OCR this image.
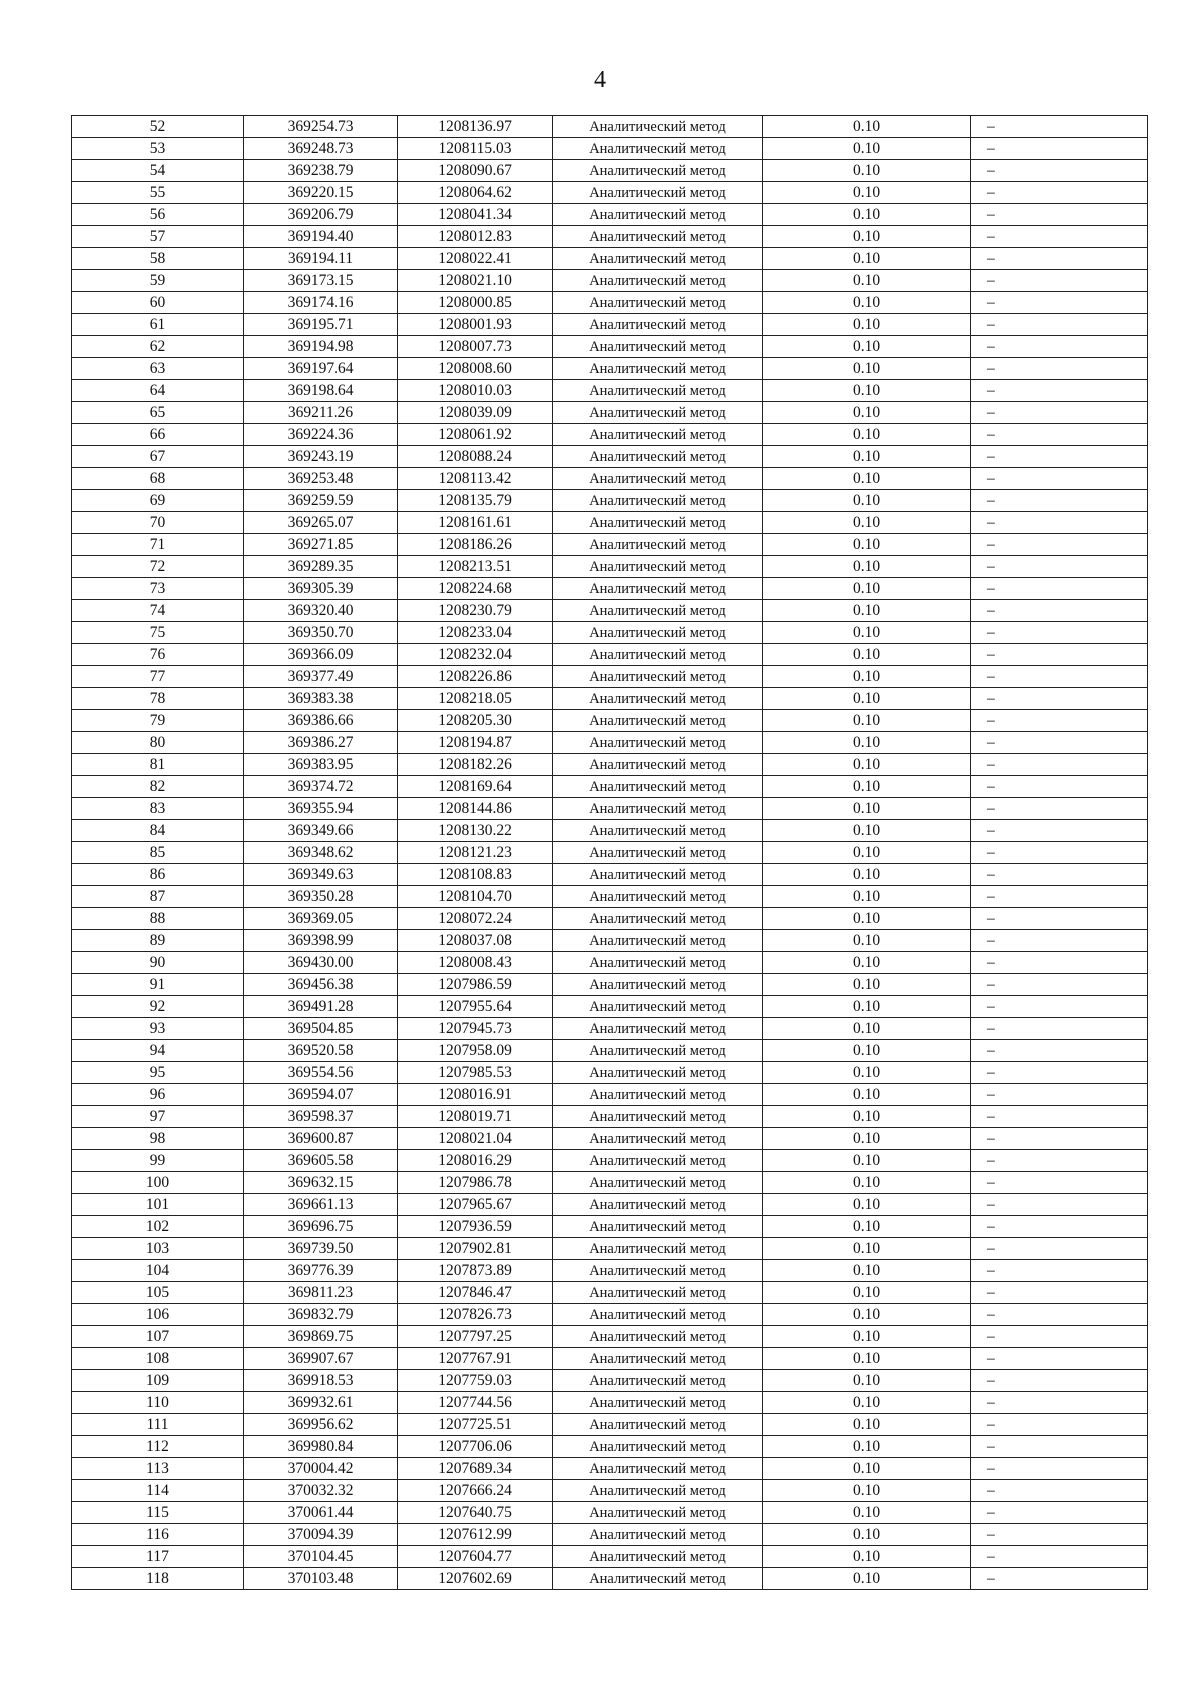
4
52	369254.73	1208136.97	Аналитический метод	0.10	–
53	369248.73	1208115.03	Аналитический метод	0.10	–
54	369238.79	1208090.67	Аналитический метод	0.10	–
55	369220.15	1208064.62	Аналитический метод	0.10	–
56	369206.79	1208041.34	Аналитический метод	0.10	–
57	369194.40	1208012.83	Аналитический метод	0.10	–
58	369194.11	1208022.41	Аналитический метод	0.10	–
59	369173.15	1208021.10	Аналитический метод	0.10	–
60	369174.16	1208000.85	Аналитический метод	0.10	–
61	369195.71	1208001.93	Аналитический метод	0.10	–
62	369194.98	1208007.73	Аналитический метод	0.10	–
63	369197.64	1208008.60	Аналитический метод	0.10	–
64	369198.64	1208010.03	Аналитический метод	0.10	–
65	369211.26	1208039.09	Аналитический метод	0.10	–
66	369224.36	1208061.92	Аналитический метод	0.10	–
67	369243.19	1208088.24	Аналитический метод	0.10	–
68	369253.48	1208113.42	Аналитический метод	0.10	–
69	369259.59	1208135.79	Аналитический метод	0.10	–
70	369265.07	1208161.61	Аналитический метод	0.10	–
71	369271.85	1208186.26	Аналитический метод	0.10	–
72	369289.35	1208213.51	Аналитический метод	0.10	–
73	369305.39	1208224.68	Аналитический метод	0.10	–
74	369320.40	1208230.79	Аналитический метод	0.10	–
75	369350.70	1208233.04	Аналитический метод	0.10	–
76	369366.09	1208232.04	Аналитический метод	0.10	–
77	369377.49	1208226.86	Аналитический метод	0.10	–
78	369383.38	1208218.05	Аналитический метод	0.10	–
79	369386.66	1208205.30	Аналитический метод	0.10	–
80	369386.27	1208194.87	Аналитический метод	0.10	–
81	369383.95	1208182.26	Аналитический метод	0.10	–
82	369374.72	1208169.64	Аналитический метод	0.10	–
83	369355.94	1208144.86	Аналитический метод	0.10	–
84	369349.66	1208130.22	Аналитический метод	0.10	–
85	369348.62	1208121.23	Аналитический метод	0.10	–
86	369349.63	1208108.83	Аналитический метод	0.10	–
87	369350.28	1208104.70	Аналитический метод	0.10	–
88	369369.05	1208072.24	Аналитический метод	0.10	–
89	369398.99	1208037.08	Аналитический метод	0.10	–
90	369430.00	1208008.43	Аналитический метод	0.10	–
91	369456.38	1207986.59	Аналитический метод	0.10	–
92	369491.28	1207955.64	Аналитический метод	0.10	–
93	369504.85	1207945.73	Аналитический метод	0.10	–
94	369520.58	1207958.09	Аналитический метод	0.10	–
95	369554.56	1207985.53	Аналитический метод	0.10	–
96	369594.07	1208016.91	Аналитический метод	0.10	–
97	369598.37	1208019.71	Аналитический метод	0.10	–
98	369600.87	1208021.04	Аналитический метод	0.10	–
99	369605.58	1208016.29	Аналитический метод	0.10	–
100	369632.15	1207986.78	Аналитический метод	0.10	–
101	369661.13	1207965.67	Аналитический метод	0.10	–
102	369696.75	1207936.59	Аналитический метод	0.10	–
103	369739.50	1207902.81	Аналитический метод	0.10	–
104	369776.39	1207873.89	Аналитический метод	0.10	–
105	369811.23	1207846.47	Аналитический метод	0.10	–
106	369832.79	1207826.73	Аналитический метод	0.10	–
107	369869.75	1207797.25	Аналитический метод	0.10	–
108	369907.67	1207767.91	Аналитический метод	0.10	–
109	369918.53	1207759.03	Аналитический метод	0.10	–
110	369932.61	1207744.56	Аналитический метод	0.10	–
111	369956.62	1207725.51	Аналитический метод	0.10	–
112	369980.84	1207706.06	Аналитический метод	0.10	–
113	370004.42	1207689.34	Аналитический метод	0.10	–
114	370032.32	1207666.24	Аналитический метод	0.10	–
115	370061.44	1207640.75	Аналитический метод	0.10	–
116	370094.39	1207612.99	Аналитический метод	0.10	–
117	370104.45	1207604.77	Аналитический метод	0.10	–
118	370103.48	1207602.69	Аналитический метод	0.10	–
